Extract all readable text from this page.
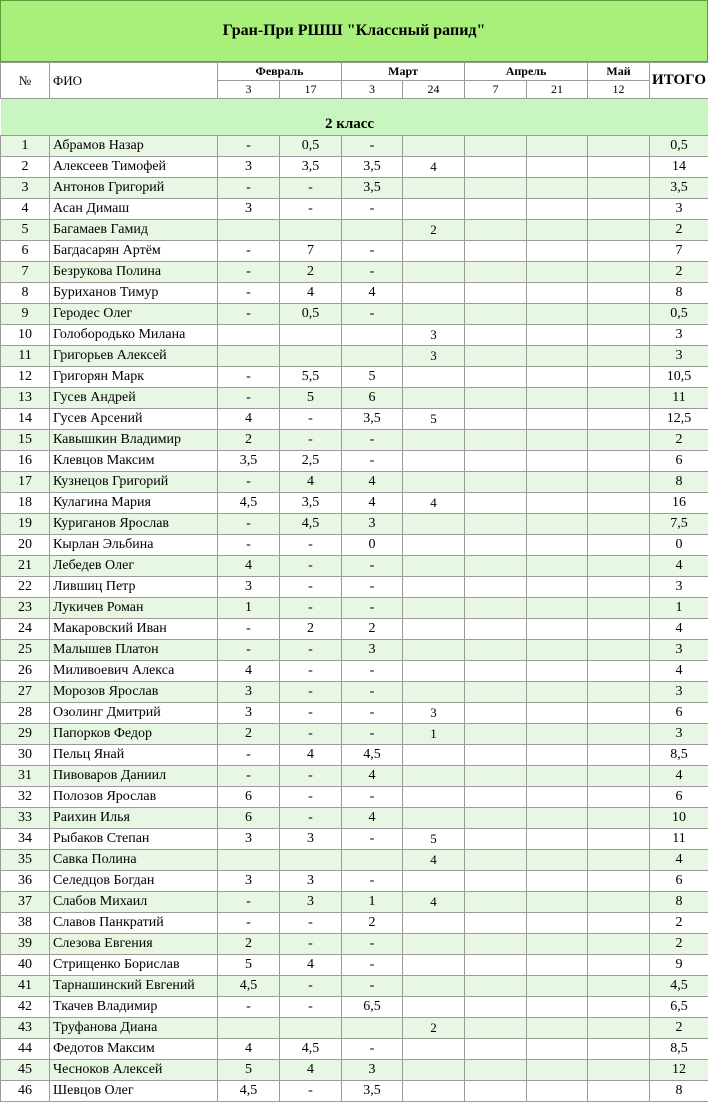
Гран-При РШШ "Классный рапид"
№	ФИО	Февраль		Март		Апрель		Май	ИТОГО
		3	17	3	24	7	21	12	
	2 класс								
1	Абрамов Назар	-	0,5	-					0,5
2	Алексеев Тимофей	3	3,5	3,5	4				14
3	Антонов Григорий	-	-	3,5					3,5
4	Асан Димаш	3	-	-					3
5	Багамаев Гамид				2				2
6	Багдасарян Артём	-	7	-					7
7	Безрукова Полина	-	2	-					2
8	Буриханов Тимур	-	4	4					8
9	Геродес Олег	-	0,5	-					0,5
10	Голобородько Милана				3				3
11	Григорьев Алексей				3				3
12	Григорян Марк	-	5,5	5					10,5
13	Гусев Андрей	-	5	6					11
14	Гусев Арсений	4	-	3,5	5				12,5
15	Кавышкин Владимир	2	-	-					2
16	Клевцов Максим	3,5	2,5	-					6
17	Кузнецов Григорий	-	4	4					8
18	Кулагина Мария	4,5	3,5	4	4				16
19	Куриганов Ярослав	-	4,5	3					7,5
20	Кырлан Эльбина	-	-	0					0
21	Лебедев Олег	4	-	-					4
22	Лившиц Петр	3	-	-					3
23	Лукичев Роман	1	-	-					1
24	Макаровский Иван	-	2	2					4
25	Малышев Платон	-	-	3					3
26	Миливоевич Алекса	4	-	-					4
27	Морозов Ярослав	3	-	-					3
28	Озолинг Дмитрий	3	-	-	3				6
29	Папорков Федор	2	-	-	1				3
30	Пельц Янай	-	4	4,5					8,5
31	Пивоваров Даниил	-	-	4					4
32	Полозов Ярослав	6	-	-					6
33	Раихин Илья	6	-	4					10
34	Рыбаков Степан	3	3	-	5				11
35	Савка Полина				4				4
36	Селедцов Богдан	3	3	-					6
37	Слабов Михаил	-	3	1	4				8
38	Славов Панкратий	-	-	2					2
39	Слезова Евгения	2	-	-					2
40	Стрищенко Борислав	5	4	-					9
41	Тарнашинский Евгений	4,5	-	-					4,5
42	Ткачев Владимир	-	-	6,5					6,5
43	Труфанова Диана				2				2
44	Федотов Максим	4	4,5	-					8,5
45	Чесноков Алексей	5	4	3					12
46	Шевцов Олег	4,5	-	3,5					8
